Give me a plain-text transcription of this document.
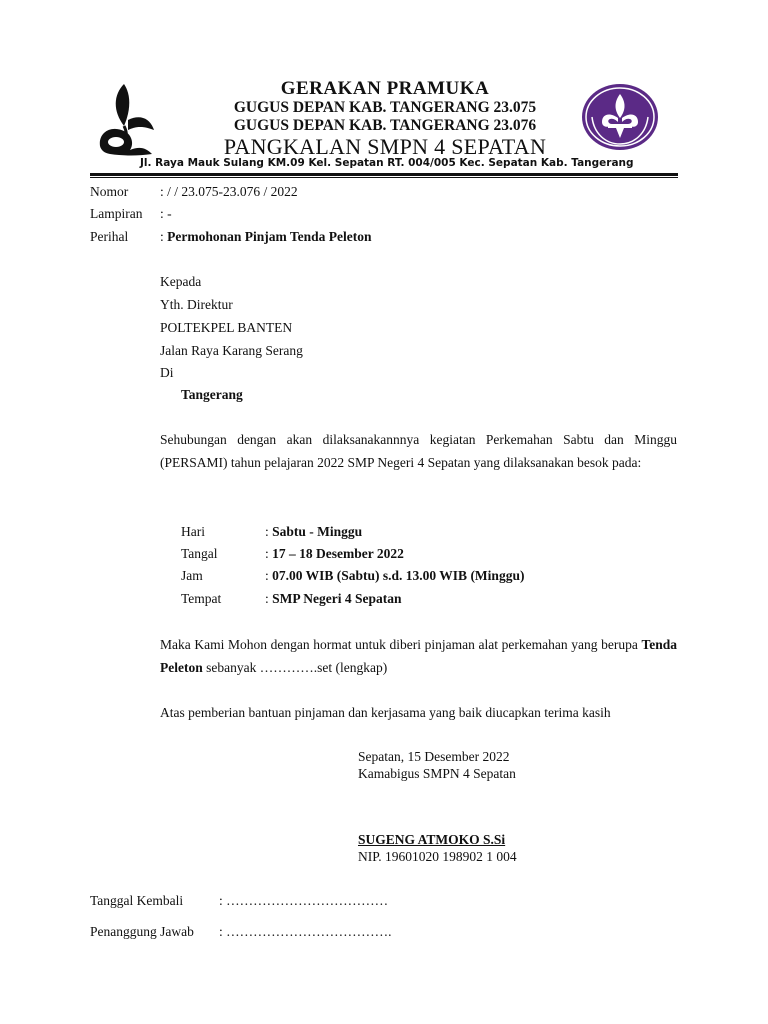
GERAKAN PRAMUKA
GUGUS DEPAN KAB. TANGERANG 23.075
GUGUS DEPAN KAB. TANGERANG 23.076
PANGKALAN SMPN 4 SEPATAN
Jl. Raya Mauk Sulang KM.09 Kel. Sepatan RT. 004/005 Kec. Sepatan Kab. Tangerang
Nomor : / / 23.075-23.076 / 2022
Lampiran : -
Perihal : Permohonan Pinjam Tenda Peleton
Kepada
Yth. Direktur
POLTEKPEL BANTEN
Jalan Raya Karang Serang
Di
Tangerang
Sehubungan dengan akan dilaksanakannnya kegiatan Perkemahan Sabtu dan Minggu (PERSAMI) tahun pelajaran 2022 SMP Negeri 4 Sepatan yang dilaksanakan besok pada:
Hari	: Sabtu - Minggu
Tangal	: 17 – 18 Desember 2022
Jam	: 07.00 WIB (Sabtu) s.d. 13.00 WIB (Minggu)
Tempat	: SMP Negeri 4 Sepatan
Maka Kami Mohon dengan hormat untuk diberi pinjaman alat perkemahan yang berupa Tenda Peleton sebanyak ………….set (lengkap)
Atas pemberian bantuan pinjaman dan kerjasama yang baik diucapkan terima kasih
Sepatan, 15 Desember 2022
Kamabigus SMPN 4 Sepatan
SUGENG ATMOKO S.Si
NIP. 19601020 198902 1 004
Tanggal Kembali	: ………………………………
Penanggung Jawab : ……………………………….
